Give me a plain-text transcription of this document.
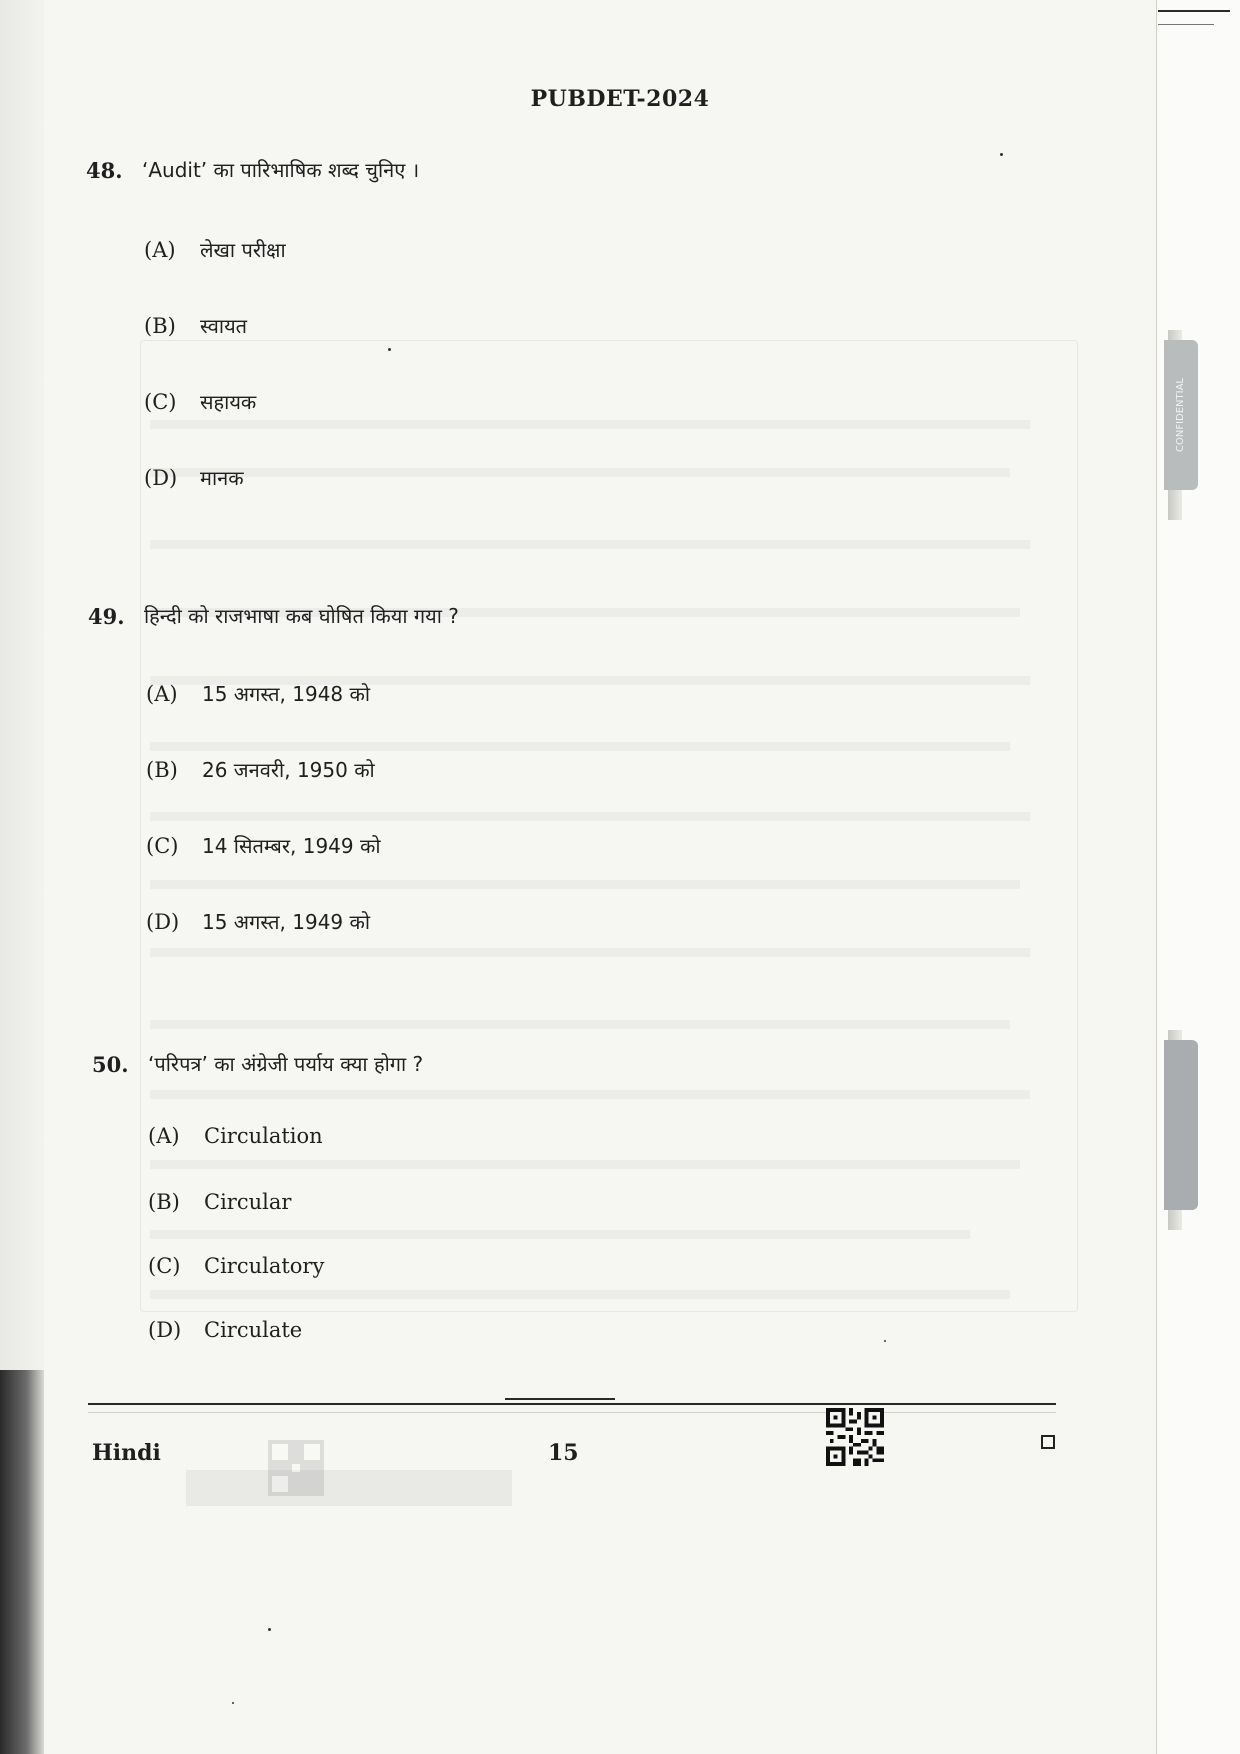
CONFIDENTIAL
PUBDET-2024
48. ‘Audit’ का पारिभाषिक शब्द चुनिए ।
(A) लेखा परीक्षा
(B) स्वायत
(C) सहायक
(D) मानक
49. हिन्दी को राजभाषा कब घोषित किया गया ?
(A) 15 अगस्त, 1948 को
(B) 26 जनवरी, 1950 को
(C) 14 सितम्बर, 1949 को
(D) 15 अगस्त, 1949 को
50. ‘परिपत्र’ का अंग्रेजी पर्याय क्या होगा ?
(A) Circulation
(B) Circular
(C) Circulatory
(D) Circulate
Hindi	15
